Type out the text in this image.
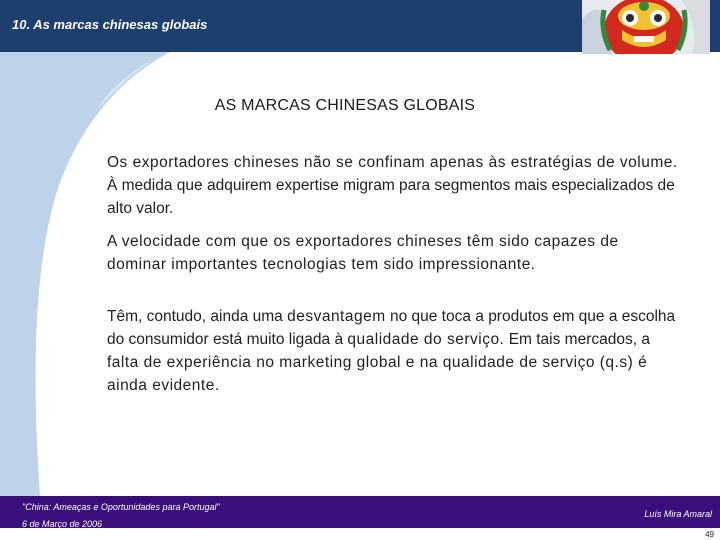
10. As marcas chinesas globais
AS MARCAS CHINESAS GLOBAIS
Os exportadores chineses não se confinam apenas às estratégias de volume. À medida que adquirem expertise migram para segmentos mais especializados de alto valor.
A velocidade com que os exportadores chineses têm sido capazes de dominar importantes tecnologias tem sido impressionante.
Têm, contudo, ainda uma desvantagem no que toca a produtos em que a escolha do consumidor está muito ligada à qualidade do serviço. Em tais mercados, a falta de experiência no marketing global e na qualidade de serviço (q.s) é ainda evidente.
"China: Ameaças e Oportunidades para Portugal"
6 de Março de 2006
Luís Mira Amaral
49
